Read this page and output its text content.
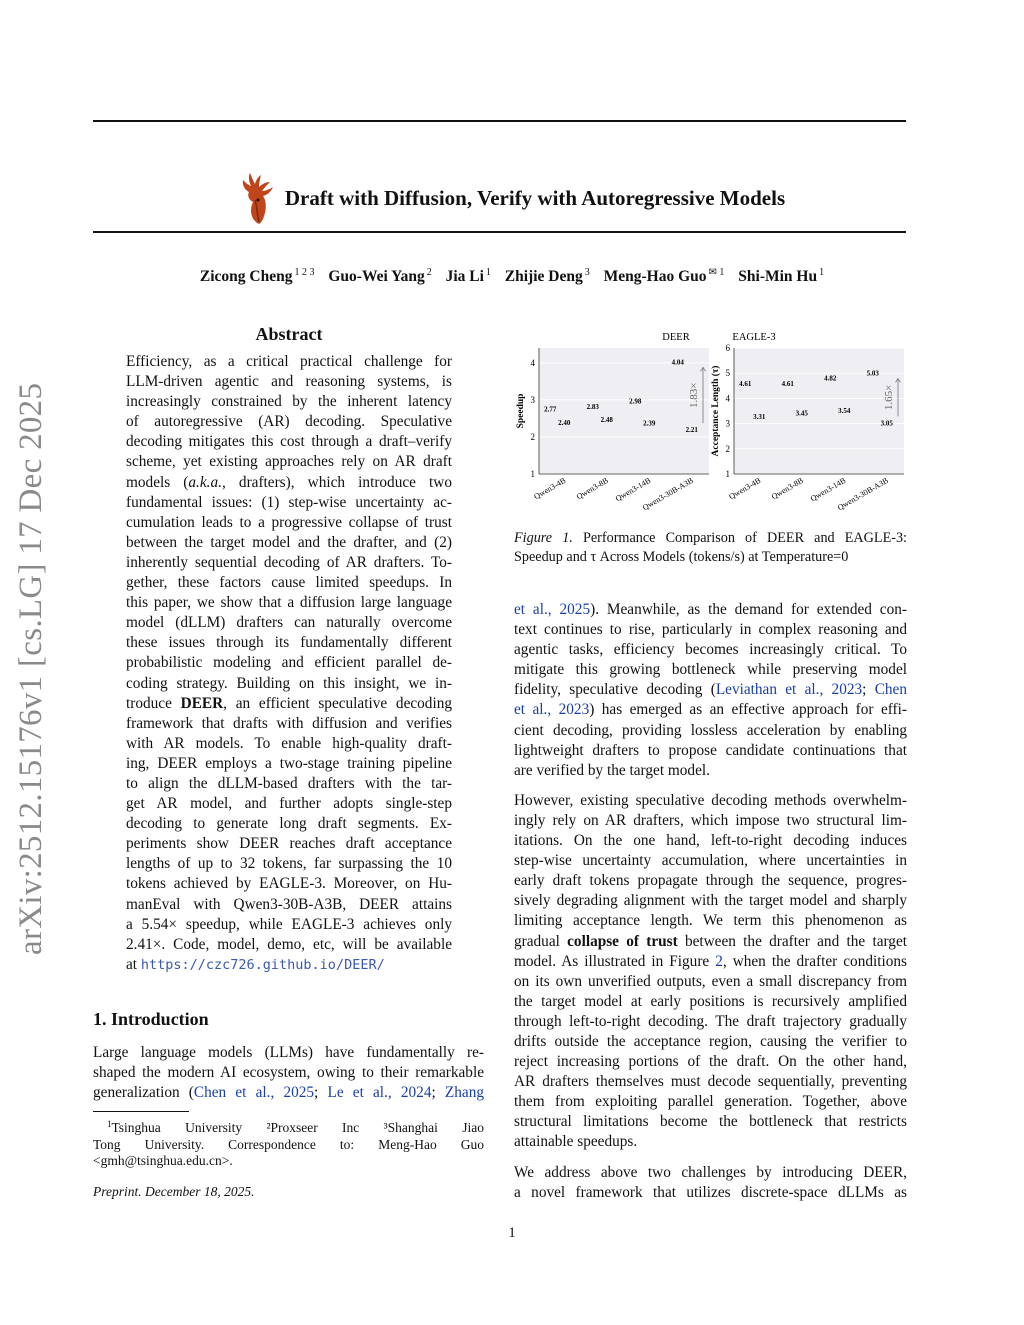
arXiv:2512.15176v1 [cs.LG] 17 Dec 2025
Draft with Diffusion, Verify with Autoregressive Models
Zicong Cheng $^{1 2 3}$ Guo-Wei Yang $^2$ Jia Li $^1$ Zhijie Deng $^3$ Meng-Hao Guo $^{✉ 1}$ Shi-Min Hu $^1$
Abstract
Efficiency, as a critical practical challenge for
LLM-driven agentic and reasoning systems, is
increasingly constrained by the inherent latency
of autoregressive (AR) decoding. Speculative
decoding mitigates this cost through a draft–verify
scheme, yet existing approaches rely on AR draft
models (a.k.a., drafters), which introduce two
fundamental issues: (1) step-wise uncertainty ac-
cumulation leads to a progressive collapse of trust
between the target model and the drafter, and (2)
inherently sequential decoding of AR drafters. To-
gether, these factors cause limited speedups. In
this paper, we show that a diffusion large language
model (dLLM) drafters can naturally overcome
these issues through its fundamentally different
probabilistic modeling and efficient parallel de-
coding strategy. Building on this insight, we in-
troduce DEER, an efficient speculative decoding
framework that drafts with diffusion and verifies
with AR models. To enable high-quality draft-
ing, DEER employs a two-stage training pipeline
to align the dLLM-based drafters with the tar-
get AR model, and further adopts single-step
decoding to generate long draft segments. Ex-
periments show DEER reaches draft acceptance
lengths of up to 32 tokens, far surpassing the 10
tokens achieved by EAGLE-3. Moreover, on Hu-
manEval with Qwen3-30B-A3B, DEER attains
a 5.54× speedup, while EAGLE-3 achieves only
2.41×. Code, model, demo, etc, will be available
at https://czc726.github.io/DEER/
1. Introduction
Large language models (LLMs) have fundamentally re-
shaped the modern AI ecosystem, owing to their remarkable
generalization (Chen et al., 2025; Le et al., 2024; Zhang
$^1$Tsinghua University ²Proxseer Inc ³Shanghai Jiao
Tong University. Correspondence to: Meng-Hao Guo
<gmh@tsinghua.edu.cn>.
Preprint. December 18, 2025.
1
1
2
3
4
DEER
Speedup	2.77
2.40
Qwen3-4B
2.83
2.48
Qwen3-8B
2.98
2.39
Qwen3-14B
4.04
2.21
Qwen3-30B-A3B
1.83×
1
2
3
4
5
6
EAGLE-3
Acceptance Length (τ)	4.61
3.31
Qwen3-4B
4.61
3.45
Qwen3-8B
4.82
3.54
Qwen3-14B
5.03
3.05
Qwen3-30B-A3B
1.65×
Figure 1. Performance Comparison of DEER and EAGLE-3: Speedup and τ Across Models (tokens/s) at Temperature=0
et al., 2025). Meanwhile, as the demand for extended con-
text continues to rise, particularly in complex reasoning and
agentic tasks, efficiency becomes increasingly critical. To
mitigate this growing bottleneck while preserving model
fidelity, speculative decoding (Leviathan et al., 2023; Chen
et al., 2023) has emerged as an effective approach for effi-
cient decoding, providing lossless acceleration by enabling
lightweight drafters to propose candidate continuations that
are verified by the target model.
However, existing speculative decoding methods overwhelm-
ingly rely on AR drafters, which impose two structural lim-
itations. On the one hand, left-to-right decoding induces
step-wise uncertainty accumulation, where uncertainties in
early draft tokens propagate through the sequence, progres-
sively degrading alignment with the target model and sharply
limiting acceptance length. We term this phenomenon as
gradual collapse of trust between the drafter and the target
model. As illustrated in Figure 2, when the drafter conditions
on its own unverified outputs, even a small discrepancy from
the target model at early positions is recursively amplified
through left-to-right decoding. The draft trajectory gradually
drifts outside the acceptance region, causing the verifier to
reject increasing portions of the draft. On the other hand,
AR drafters themselves must decode sequentially, preventing
them from exploiting parallel generation. Together, above
structural limitations become the bottleneck that restricts
attainable speedups.
We address above two challenges by introducing DEER,
a novel framework that utilizes discrete-space dLLMs as
